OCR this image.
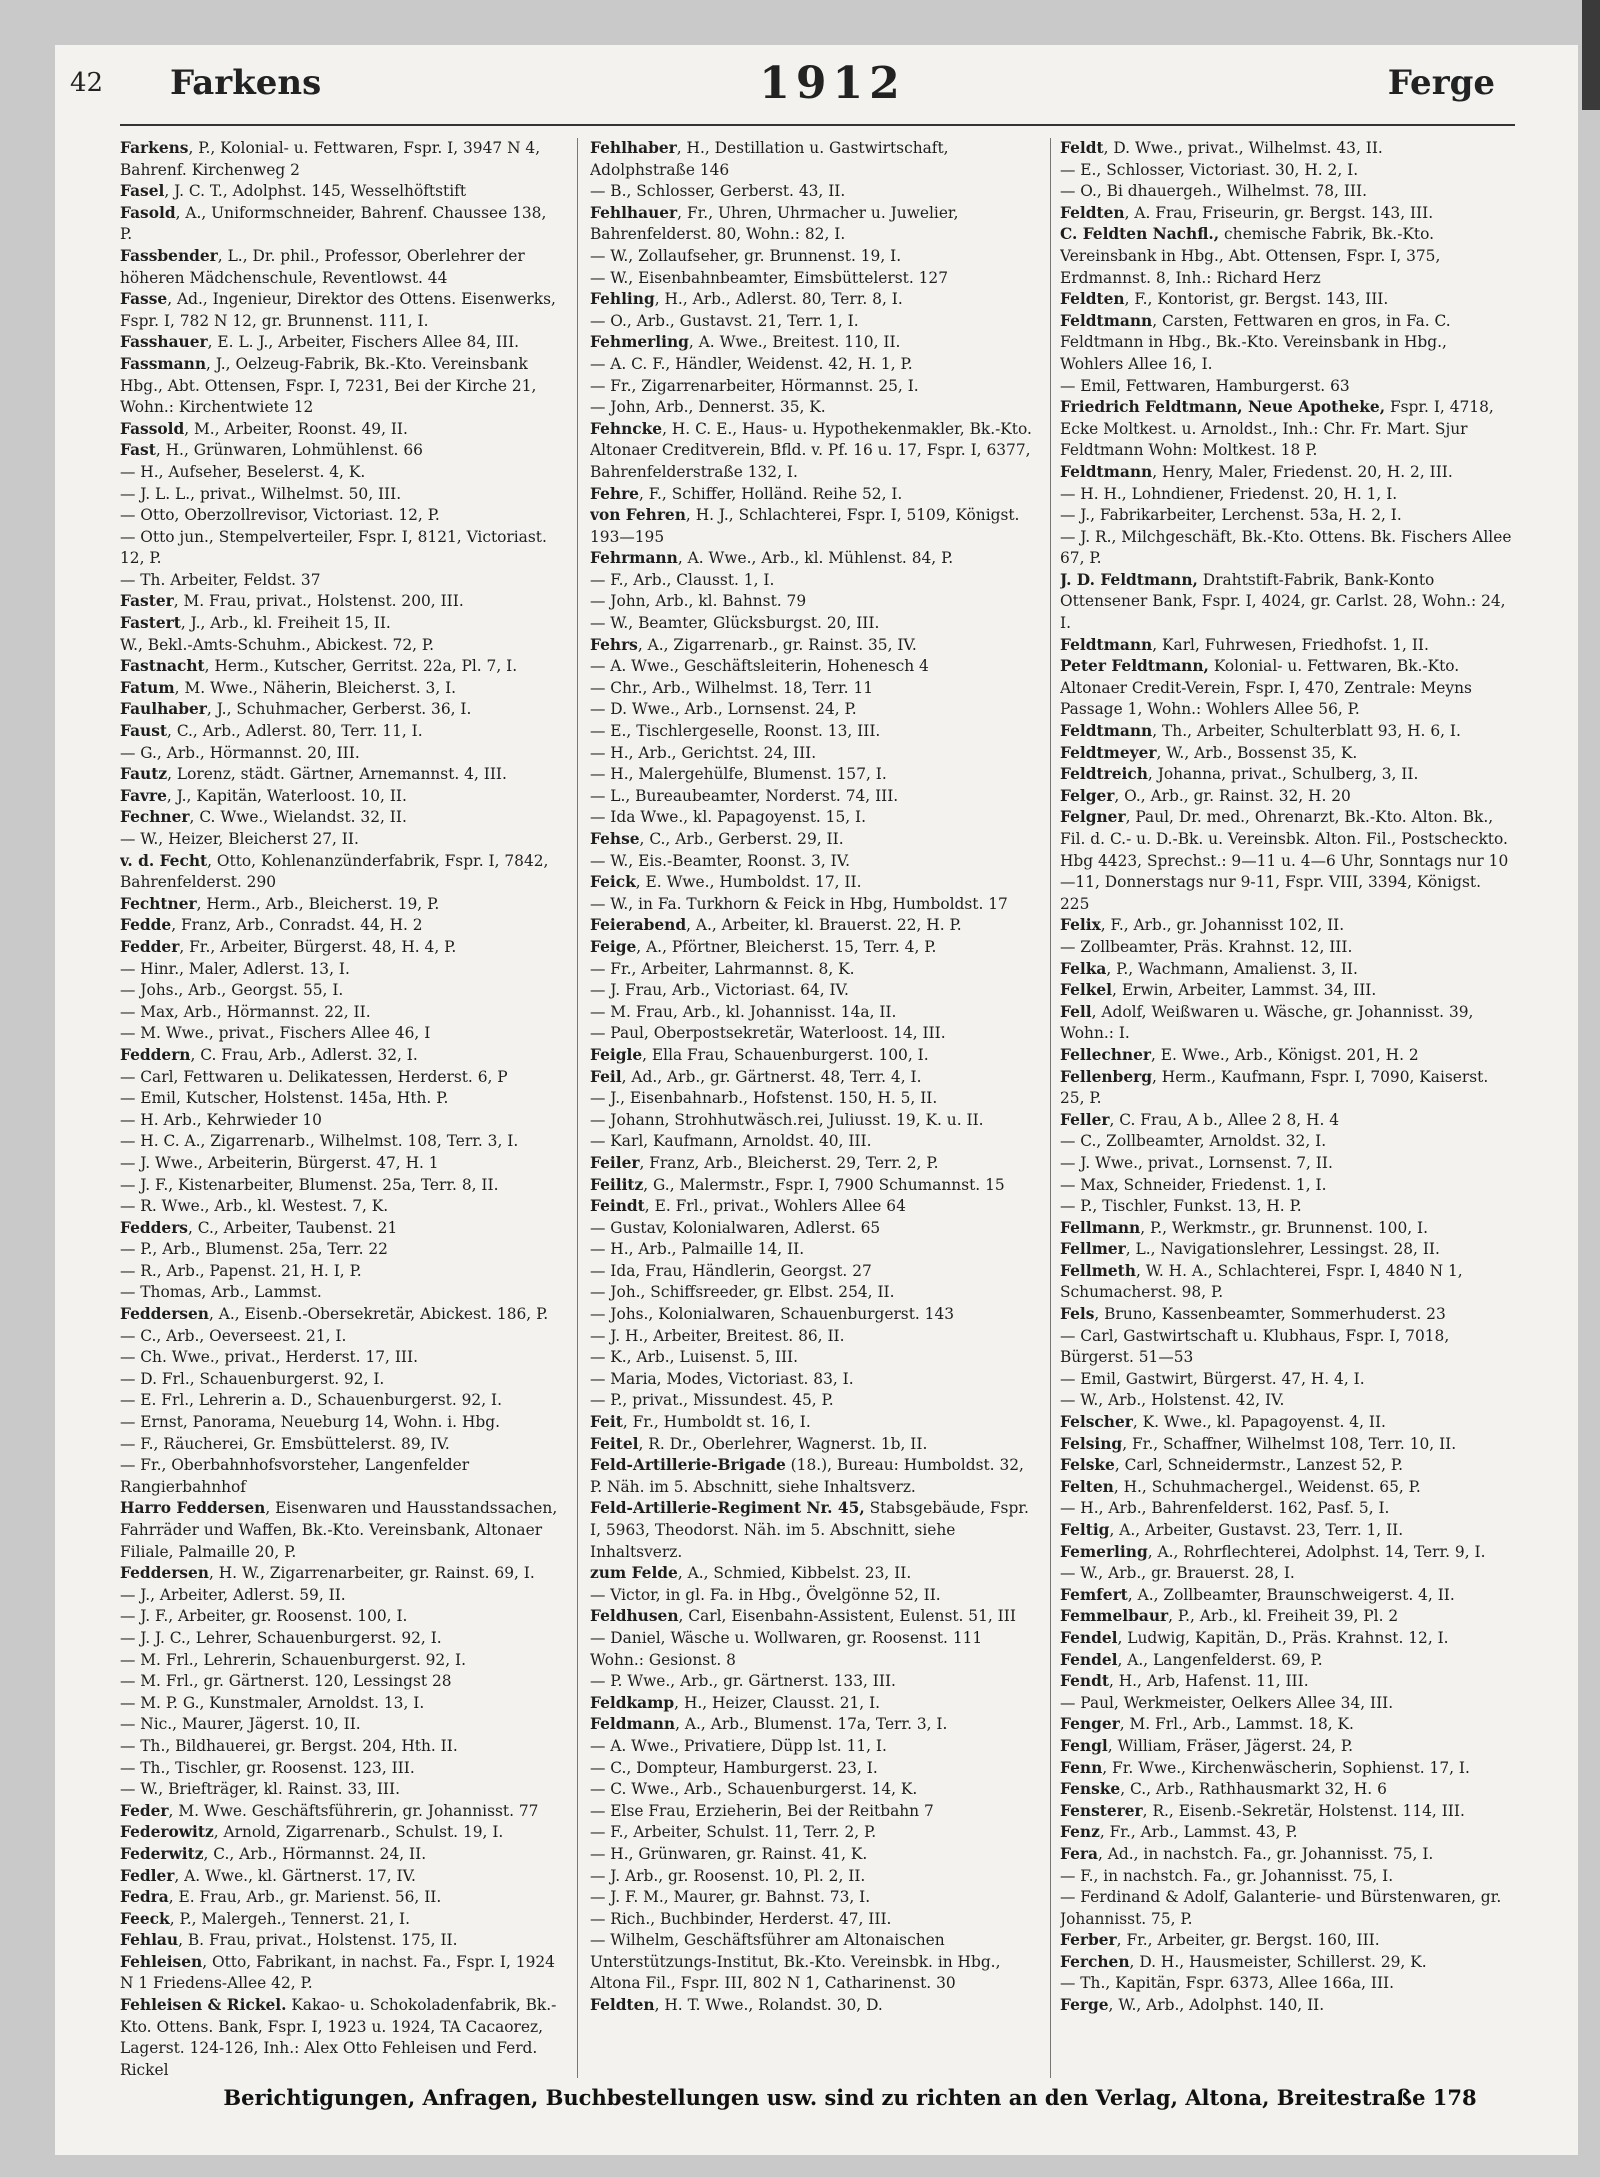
42	Farkens	1912	Ferge

Farkens, P., Kolonial- u. Fettwaren, Fspr. I, 3947 N 4, Bahrenf. Kirchenweg 2

Fasel, J. C. T., Adolphst. 145, Wesselhöftstift

Fasold, A., Uniformschneider, Bahrenf. Chaussee 138, P.

Fassbender, L., Dr. phil., Professor, Oberlehrer der höheren Mädchenschule, Reventlowst. 44

Fasse, Ad., Ingenieur, Direktor des Ottens. Eisenwerks, Fspr. I, 782 N 12, gr. Brunnenst. 111, I.

Fasshauer, E. L. J., Arbeiter, Fischers Allee 84, III.

Fassmann, J., Oelzeug-Fabrik, Bk.-Kto. Vereinsbank Hbg., Abt. Ottensen, Fspr. I, 7231, Bei der Kirche 21, Wohn.: Kirchentwiete 12

Fassold, M., Arbeiter, Roonst. 49, II.

Fast, H., Grünwaren, Lohmühlenst. 66

— H., Aufseher, Beselerst. 4, K.

— J. L. L., privat., Wilhelmst. 50, III.

— Otto, Oberzollrevisor, Victoriast. 12, P.

— Otto jun., Stempelverteiler, Fspr. I, 8121, Victoriast. 12, P.

— Th. Arbeiter, Feldst. 37

Faster, M. Frau, privat., Holstenst. 200, III.

Fastert, J., Arb., kl. Freiheit 15, II.

W., Bekl.-Amts-Schuhm., Abickest. 72, P.

Fastnacht, Herm., Kutscher, Gerritst. 22a, Pl. 7, I.

Fatum, M. Wwe., Näherin, Bleicherst. 3, I.

Faulhaber, J., Schuhmacher, Gerberst. 36, I.

Faust, C., Arb., Adlerst. 80, Terr. 11, I.

— G., Arb., Hörmannst. 20, III.

Fautz, Lorenz, städt. Gärtner, Arnemannst. 4, III.

Favre, J., Kapitän, Waterloost. 10, II.

Fechner, C. Wwe., Wielandst. 32, II.

— W., Heizer, Bleicherst 27, II.

v. d. Fecht, Otto, Kohlenanzünderfabrik, Fspr. I, 7842, Bahrenfelderst. 290

Fechtner, Herm., Arb., Bleicherst. 19, P.

Fedde, Franz, Arb., Conradst. 44, H. 2

Fedder, Fr., Arbeiter, Bürgerst. 48, H. 4, P.

— Hinr., Maler, Adlerst. 13, I.

— Johs., Arb., Georgst. 55, I.

— Max, Arb., Hörmannst. 22, II.

— M. Wwe., privat., Fischers Allee 46, I

Feddern, C. Frau, Arb., Adlerst. 32, I.

— Carl, Fettwaren u. Delikatessen, Herderst. 6, P

— Emil, Kutscher, Holstenst. 145a, Hth. P.

— H. Arb., Kehrwieder 10

— H. C. A., Zigarrenarb., Wilhelmst. 108, Terr. 3, I.

— J. Wwe., Arbeiterin, Bürgerst. 47, H. 1

— J. F., Kistenarbeiter, Blumenst. 25a, Terr. 8, II.

— R. Wwe., Arb., kl. Westest. 7, K.

Fedders, C., Arbeiter, Taubenst. 21

— P., Arb., Blumenst. 25a, Terr. 22

— R., Arb., Papenst. 21, H. I, P.

— Thomas, Arb., Lammst.

Feddersen, A., Eisenb.-Obersekretär, Abickest. 186, P.

— C., Arb., Oeverseest. 21, I.

— Ch. Wwe., privat., Herderst. 17, III.

— D. Frl., Schauenburgerst. 92, I.

— E. Frl., Lehrerin a. D., Schauenburgerst. 92, I.

— Ernst, Panorama, Neueburg 14, Wohn. i. Hbg.

— F., Räucherei, Gr. Emsbüttelerst. 89, IV.

— Fr., Oberbahnhofsvorsteher, Langenfelder Rangierbahnhof

Harro Feddersen, Eisenwaren und Hausstandssachen, Fahrräder und Waffen, Bk.-Kto. Vereinsbank, Altonaer Filiale, Palmaille 20, P.

Feddersen, H. W., Zigarrenarbeiter, gr. Rainst. 69, I.

— J., Arbeiter, Adlerst. 59, II.

— J. F., Arbeiter, gr. Roosenst. 100, I.

— J. J. C., Lehrer, Schauenburgerst. 92, I.

— M. Frl., Lehrerin, Schauenburgerst. 92, I.

— M. Frl., gr. Gärtnerst. 120, Lessingst 28

— M. P. G., Kunstmaler, Arnoldst. 13, I.

— Nic., Maurer, Jägerst. 10, II.

— Th., Bildhauerei, gr. Bergst. 204, Hth. II.

— Th., Tischler, gr. Roosenst. 123, III.

— W., Briefträger, kl. Rainst. 33, III.

Feder, M. Wwe. Geschäftsführerin, gr. Johannisst. 77

Federowitz, Arnold, Zigarrenarb., Schulst. 19, I.

Federwitz, C., Arb., Hörmannst. 24, II.

Fedler, A. Wwe., kl. Gärtnerst. 17, IV.

Fedra, E. Frau, Arb., gr. Marienst. 56, II.

Feeck, P., Malergeh., Tennerst. 21, I.

Fehlau, B. Frau, privat., Holstenst. 175, II.

Fehleisen, Otto, Fabrikant, in nachst. Fa., Fspr. I, 1924 N 1 Friedens-Allee 42, P.

Fehleisen & Rickel. Kakao- u. Schokoladenfabrik, Bk.-Kto. Ottens. Bank, Fspr. I, 1923 u. 1924, TA Cacaorez, Lagerst. 124-126, Inh.: Alex Otto Fehleisen und Ferd. Rickel

Fehlhaber, H., Destillation u. Gastwirtschaft, Adolphstraße 146

— B., Schlosser, Gerberst. 43, II.

Fehlhauer, Fr., Uhren, Uhrmacher u. Juwelier, Bahrenfelderst. 80, Wohn.: 82, I.

— W., Zollaufseher, gr. Brunnenst. 19, I.

— W., Eisenbahnbeamter, Eimsbüttelerst. 127

Fehling, H., Arb., Adlerst. 80, Terr. 8, I.

— O., Arb., Gustavst. 21, Terr. 1, I.

Fehmerling, A. Wwe., Breitest. 110, II.

— A. C. F., Händler, Weidenst. 42, H. 1, P.

— Fr., Zigarrenarbeiter, Hörmannst. 25, I.

— John, Arb., Dennerst. 35, K.

Fehncke, H. C. E., Haus- u. Hypothekenmakler, Bk.-Kto. Altonaer Creditverein, Bfld. v. Pf. 16 u. 17, Fspr. I, 6377, Bahrenfelderstraße 132, I.

Fehre, F., Schiffer, Holländ. Reihe 52, I.

von Fehren, H. J., Schlachterei, Fspr. I, 5109, Königst. 193—195

Fehrmann, A. Wwe., Arb., kl. Mühlenst. 84, P.

— F., Arb., Clausst. 1, I.

— John, Arb., kl. Bahnst. 79

— W., Beamter, Glücksburgst. 20, III.

Fehrs, A., Zigarrenarb., gr. Rainst. 35, IV.

— A. Wwe., Geschäftsleiterin, Hohenesch 4

— Chr., Arb., Wilhelmst. 18, Terr. 11

— D. Wwe., Arb., Lornsenst. 24, P.

— E., Tischlergeselle, Roonst. 13, III.

— H., Arb., Gerichtst. 24, III.

— H., Malergehülfe, Blumenst. 157, I.

— L., Bureaubeamter, Norderst. 74, III.

— Ida Wwe., kl. Papagoyenst. 15, I.

Fehse, C., Arb., Gerberst. 29, II.

— W., Eis.-Beamter, Roonst. 3, IV.

Feick, E. Wwe., Humboldst. 17, II.

— W., in Fa. Turkhorn & Feick in Hbg, Humboldst. 17

Feierabend, A., Arbeiter, kl. Brauerst. 22, H. P.

Feige, A., Pförtner, Bleicherst. 15, Terr. 4, P.

— Fr., Arbeiter, Lahrmannst. 8, K.

— J. Frau, Arb., Victoriast. 64, IV.

— M. Frau, Arb., kl. Johannisst. 14a, II.

— Paul, Oberpostsekretär, Waterloost. 14, III.

Feigle, Ella Frau, Schauenburgerst. 100, I.

Feil, Ad., Arb., gr. Gärtnerst. 48, Terr. 4, I.

— J., Eisenbahnarb., Hofstenst. 150, H. 5, II.

— Johann, Strohhutwäsch.rei, Juliusst. 19, K. u. II.

— Karl, Kaufmann, Arnoldst. 40, III.

Feiler, Franz, Arb., Bleicherst. 29, Terr. 2, P.

Feilitz, G., Malermstr., Fspr. I, 7900 Schumannst. 15

Feindt, E. Frl., privat., Wohlers Allee 64

— Gustav, Kolonialwaren, Adlerst. 65

— H., Arb., Palmaille 14, II.

— Ida, Frau, Händlerin, Georgst. 27

— Joh., Schiffsreeder, gr. Elbst. 254, II.

— Johs., Kolonialwaren, Schauenburgerst. 143

— J. H., Arbeiter, Breitest. 86, II.

— K., Arb., Luisenst. 5, III.

— Maria, Modes, Victoriast. 83, I.

— P., privat., Missundest. 45, P.

Feit, Fr., Humboldt st. 16, I.

Feitel, R. Dr., Oberlehrer, Wagnerst. 1b, II.

Feld-Artillerie-Brigade (18.), Bureau: Humboldst. 32, P. Näh. im 5. Abschnitt, siehe Inhaltsverz.

Feld-Artillerie-Regiment Nr. 45, Stabsgebäude, Fspr. I, 5963, Theodorst. Näh. im 5. Abschnitt, siehe Inhaltsverz.

zum Felde, A., Schmied, Kibbelst. 23, II.

— Victor, in gl. Fa. in Hbg., Övelgönne 52, II.

Feldhusen, Carl, Eisenbahn-Assistent, Eulenst. 51, III

— Daniel, Wäsche u. Wollwaren, gr. Roosenst. 111 Wohn.: Gesionst. 8

— P. Wwe., Arb., gr. Gärtnerst. 133, III.

Feldkamp, H., Heizer, Clausst. 21, I.

Feldmann, A., Arb., Blumenst. 17a, Terr. 3, I.

— A. Wwe., Privatiere, Düpp lst. 11, I.

— C., Dompteur, Hamburgerst. 23, I.

— C. Wwe., Arb., Schauenburgerst. 14, K.

— Else Frau, Erzieherin, Bei der Reitbahn 7

— F., Arbeiter, Schulst. 11, Terr. 2, P.

— H., Grünwaren, gr. Rainst. 41, K.

— J. Arb., gr. Roosenst. 10, Pl. 2, II.

— J. F. M., Maurer, gr. Bahnst. 73, I.

— Rich., Buchbinder, Herderst. 47, III.

— Wilhelm, Geschäftsführer am Altonaischen Unterstützungs-Institut, Bk.-Kto. Vereinsbk. in Hbg., Altona Fil., Fspr. III, 802 N 1, Catharinenst. 30

Feldten, H. T. Wwe., Rolandst. 30, D.

Feldt, D. Wwe., privat., Wilhelmst. 43, II.

— E., Schlosser, Victoriast. 30, H. 2, I.

— O., Bi dhauergeh., Wilhelmst. 78, III.

Feldten, A. Frau, Friseurin, gr. Bergst. 143, III.

C. Feldten Nachfl., chemische Fabrik, Bk.-Kto. Vereinsbank in Hbg., Abt. Ottensen, Fspr. I, 375, Erdmannst. 8, Inh.: Richard Herz

Feldten, F., Kontorist, gr. Bergst. 143, III.

Feldtmann, Carsten, Fettwaren en gros, in Fa. C. Feldtmann in Hbg., Bk.-Kto. Vereinsbank in Hbg., Wohlers Allee 16, I.

— Emil, Fettwaren, Hamburgerst. 63

Friedrich Feldtmann, Neue Apotheke, Fspr. I, 4718, Ecke Moltkest. u. Arnoldst., Inh.: Chr. Fr. Mart. Sjur Feldtmann Wohn: Moltkest. 18 P.

Feldtmann, Henry, Maler, Friedenst. 20, H. 2, III.

— H. H., Lohndiener, Friedenst. 20, H. 1, I.

— J., Fabrikarbeiter, Lerchenst. 53a, H. 2, I.

— J. R., Milchgeschäft, Bk.-Kto. Ottens. Bk. Fischers Allee 67, P.

J. D. Feldtmann, Drahtstift-Fabrik, Bank-Konto Ottensener Bank, Fspr. I, 4024, gr. Carlst. 28, Wohn.: 24, I.

Feldtmann, Karl, Fuhrwesen, Friedhofst. 1, II.

Peter Feldtmann, Kolonial- u. Fettwaren, Bk.-Kto. Altonaer Credit-Verein, Fspr. I, 470, Zentrale: Meyns Passage 1, Wohn.: Wohlers Allee 56, P.

Feldtmann, Th., Arbeiter, Schulterblatt 93, H. 6, I.

Feldtmeyer, W., Arb., Bossenst 35, K.

Feldtreich, Johanna, privat., Schulberg, 3, II.

Felger, O., Arb., gr. Rainst. 32, H. 20

Felgner, Paul, Dr. med., Ohrenarzt, Bk.-Kto. Alton. Bk., Fil. d. C.- u. D.-Bk. u. Vereinsbk. Alton. Fil., Postscheckto. Hbg 4423, Sprechst.: 9—11 u. 4—6 Uhr, Sonntags nur 10—11, Donnerstags nur 9-11, Fspr. VIII, 3394, Königst. 225

Felix, F., Arb., gr. Johannisst 102, II.

— Zollbeamter, Präs. Krahnst. 12, III.

Felka, P., Wachmann, Amalienst. 3, II.

Felkel, Erwin, Arbeiter, Lammst. 34, III.

Fell, Adolf, Weißwaren u. Wäsche, gr. Johannisst. 39, Wohn.: I.

Fellechner, E. Wwe., Arb., Königst. 201, H. 2

Fellenberg, Herm., Kaufmann, Fspr. I, 7090, Kaiserst. 25, P.

Feller, C. Frau, A b., Allee 2 8, H. 4

— C., Zollbeamter, Arnoldst. 32, I.

— J. Wwe., privat., Lornsenst. 7, II.

— Max, Schneider, Friedenst. 1, I.

— P., Tischler, Funkst. 13, H. P.

Fellmann, P., Werkmstr., gr. Brunnenst. 100, I.

Fellmer, L., Navigationslehrer, Lessingst. 28, II.

Fellmeth, W. H. A., Schlachterei, Fspr. I, 4840 N 1, Schumacherst. 98, P.

Fels, Bruno, Kassenbeamter, Sommerhuderst. 23

— Carl, Gastwirtschaft u. Klubhaus, Fspr. I, 7018, Bürgerst. 51—53

— Emil, Gastwirt, Bürgerst. 47, H. 4, I.

— W., Arb., Holstenst. 42, IV.

Felscher, K. Wwe., kl. Papagoyenst. 4, II.

Felsing, Fr., Schaffner, Wilhelmst 108, Terr. 10, II.

Felske, Carl, Schneidermstr., Lanzest 52, P.

Felten, H., Schuhmachergel., Weidenst. 65, P.

— H., Arb., Bahrenfelderst. 162, Pasf. 5, I.

Feltig, A., Arbeiter, Gustavst. 23, Terr. 1, II.

Femerling, A., Rohrflechterei, Adolphst. 14, Terr. 9, I.

— W., Arb., gr. Brauerst. 28, I.

Femfert, A., Zollbeamter, Braunschweigerst. 4, II.

Femmelbaur, P., Arb., kl. Freiheit 39, Pl. 2

Fendel, Ludwig, Kapitän, D., Präs. Krahnst. 12, I.

Fendel, A., Langenfelderst. 69, P.

Fendt, H., Arb, Hafenst. 11, III.

— Paul, Werkmeister, Oelkers Allee 34, III.

Fenger, M. Frl., Arb., Lammst. 18, K.

Fengl, William, Fräser, Jägerst. 24, P.

Fenn, Fr. Wwe., Kirchenwäscherin, Sophienst. 17, I.

Fenske, C., Arb., Rathhausmarkt 32, H. 6

Fensterer, R., Eisenb.-Sekretär, Holstenst. 114, III.

Fenz, Fr., Arb., Lammst. 43, P.

Fera, Ad., in nachstch. Fa., gr. Johannisst. 75, I.

— F., in nachstch. Fa., gr. Johannisst. 75, I.

— Ferdinand & Adolf, Galanterie- und Bürstenwaren, gr. Johannisst. 75, P.

Ferber, Fr., Arbeiter, gr. Bergst. 160, III.

Ferchen, D. H., Hausmeister, Schillerst. 29, K.

— Th., Kapitän, Fspr. 6373, Allee 166a, III.

Ferge, W., Arb., Adolphst. 140, II.

Berichtigungen, Anfragen, Buchbestellungen usw. sind zu richten an den Verlag, Altona, Breitestraße 178
